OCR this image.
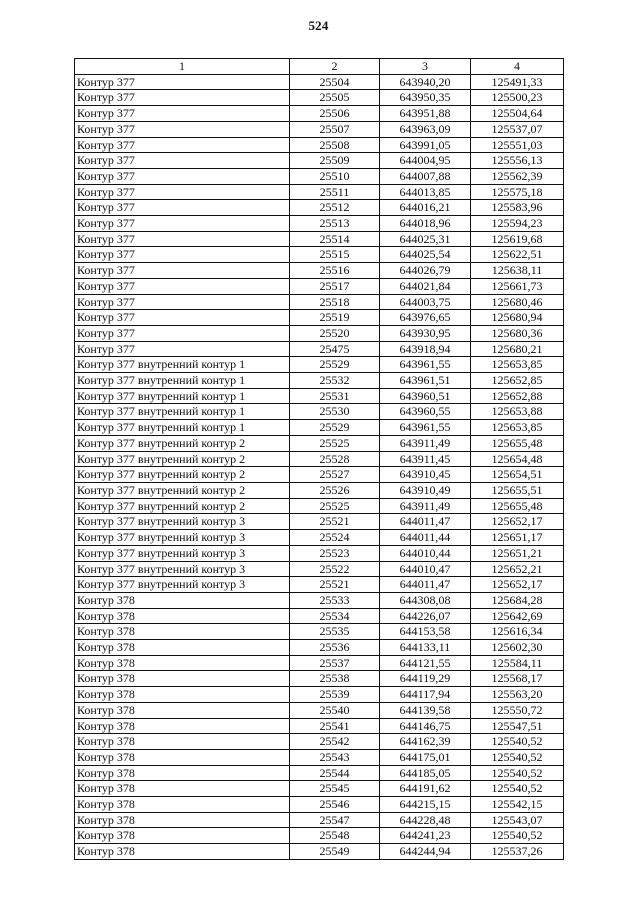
524
1	2	3	4
Контур 377	25504	643940,20	125491,33
Контур 377	25505	643950,35	125500,23
Контур 377	25506	643951,88	125504,64
Контур 377	25507	643963,09	125537,07
Контур 377	25508	643991,05	125551,03
Контур 377	25509	644004,95	125556,13
Контур 377	25510	644007,88	125562,39
Контур 377	25511	644013,85	125575,18
Контур 377	25512	644016,21	125583,96
Контур 377	25513	644018,96	125594,23
Контур 377	25514	644025,31	125619,68
Контур 377	25515	644025,54	125622,51
Контур 377	25516	644026,79	125638,11
Контур 377	25517	644021,84	125661,73
Контур 377	25518	644003,75	125680,46
Контур 377	25519	643976,65	125680,94
Контур 377	25520	643930,95	125680,36
Контур 377	25475	643918,94	125680,21
Контур 377 внутренний контур 1	25529	643961,55	125653,85
Контур 377 внутренний контур 1	25532	643961,51	125652,85
Контур 377 внутренний контур 1	25531	643960,51	125652,88
Контур 377 внутренний контур 1	25530	643960,55	125653,88
Контур 377 внутренний контур 1	25529	643961,55	125653,85
Контур 377 внутренний контур 2	25525	643911,49	125655,48
Контур 377 внутренний контур 2	25528	643911,45	125654,48
Контур 377 внутренний контур 2	25527	643910,45	125654,51
Контур 377 внутренний контур 2	25526	643910,49	125655,51
Контур 377 внутренний контур 2	25525	643911,49	125655,48
Контур 377 внутренний контур 3	25521	644011,47	125652,17
Контур 377 внутренний контур 3	25524	644011,44	125651,17
Контур 377 внутренний контур 3	25523	644010,44	125651,21
Контур 377 внутренний контур 3	25522	644010,47	125652,21
Контур 377 внутренний контур 3	25521	644011,47	125652,17
Контур 378	25533	644308,08	125684,28
Контур 378	25534	644226,07	125642,69
Контур 378	25535	644153,58	125616,34
Контур 378	25536	644133,11	125602,30
Контур 378	25537	644121,55	125584,11
Контур 378	25538	644119,29	125568,17
Контур 378	25539	644117,94	125563,20
Контур 378	25540	644139,58	125550,72
Контур 378	25541	644146,75	125547,51
Контур 378	25542	644162,39	125540,52
Контур 378	25543	644175,01	125540,52
Контур 378	25544	644185,05	125540,52
Контур 378	25545	644191,62	125540,52
Контур 378	25546	644215,15	125542,15
Контур 378	25547	644228,48	125543,07
Контур 378	25548	644241,23	125540,52
Контур 378	25549	644244,94	125537,26
